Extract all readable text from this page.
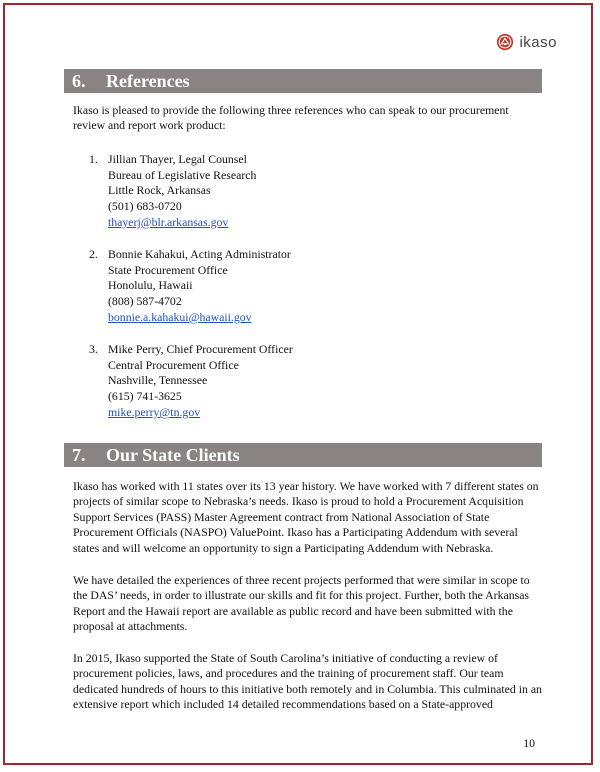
ikaso
6.	References
Ikaso is pleased to provide the following three references who can speak to our procurement review and report work product:
1. Jillian Thayer, Legal Counsel
Bureau of Legislative Research
Little Rock, Arkansas
(501) 683-0720
thayerj@blr.arkansas.gov
2. Bonnie Kahakui, Acting Administrator
State Procurement Office
Honolulu, Hawaii
(808) 587-4702
bonnie.a.kahakui@hawaii.gov
3. Mike Perry, Chief Procurement Officer
Central Procurement Office
Nashville, Tennessee
(615) 741-3625
mike.perry@tn.gov
7.	Our State Clients
Ikaso has worked with 11 states over its 13 year history. We have worked with 7 different states on projects of similar scope to Nebraska’s needs. Ikaso is proud to hold a Procurement Acquisition Support Services (PASS) Master Agreement contract from National Association of State Procurement Officials (NASPO) ValuePoint. Ikaso has a Participating Addendum with several states and will welcome an opportunity to sign a Participating Addendum with Nebraska.
We have detailed the experiences of three recent projects performed that were similar in scope to the DAS’ needs, in order to illustrate our skills and fit for this project. Further, both the Arkansas Report and the Hawaii report are available as public record and have been submitted with the proposal at attachments.
In 2015, Ikaso supported the State of South Carolina’s initiative of conducting a review of procurement policies, laws, and procedures and the training of procurement staff. Our team dedicated hundreds of hours to this initiative both remotely and in Columbia. This culminated in an extensive report which included 14 detailed recommendations based on a State-approved
10
